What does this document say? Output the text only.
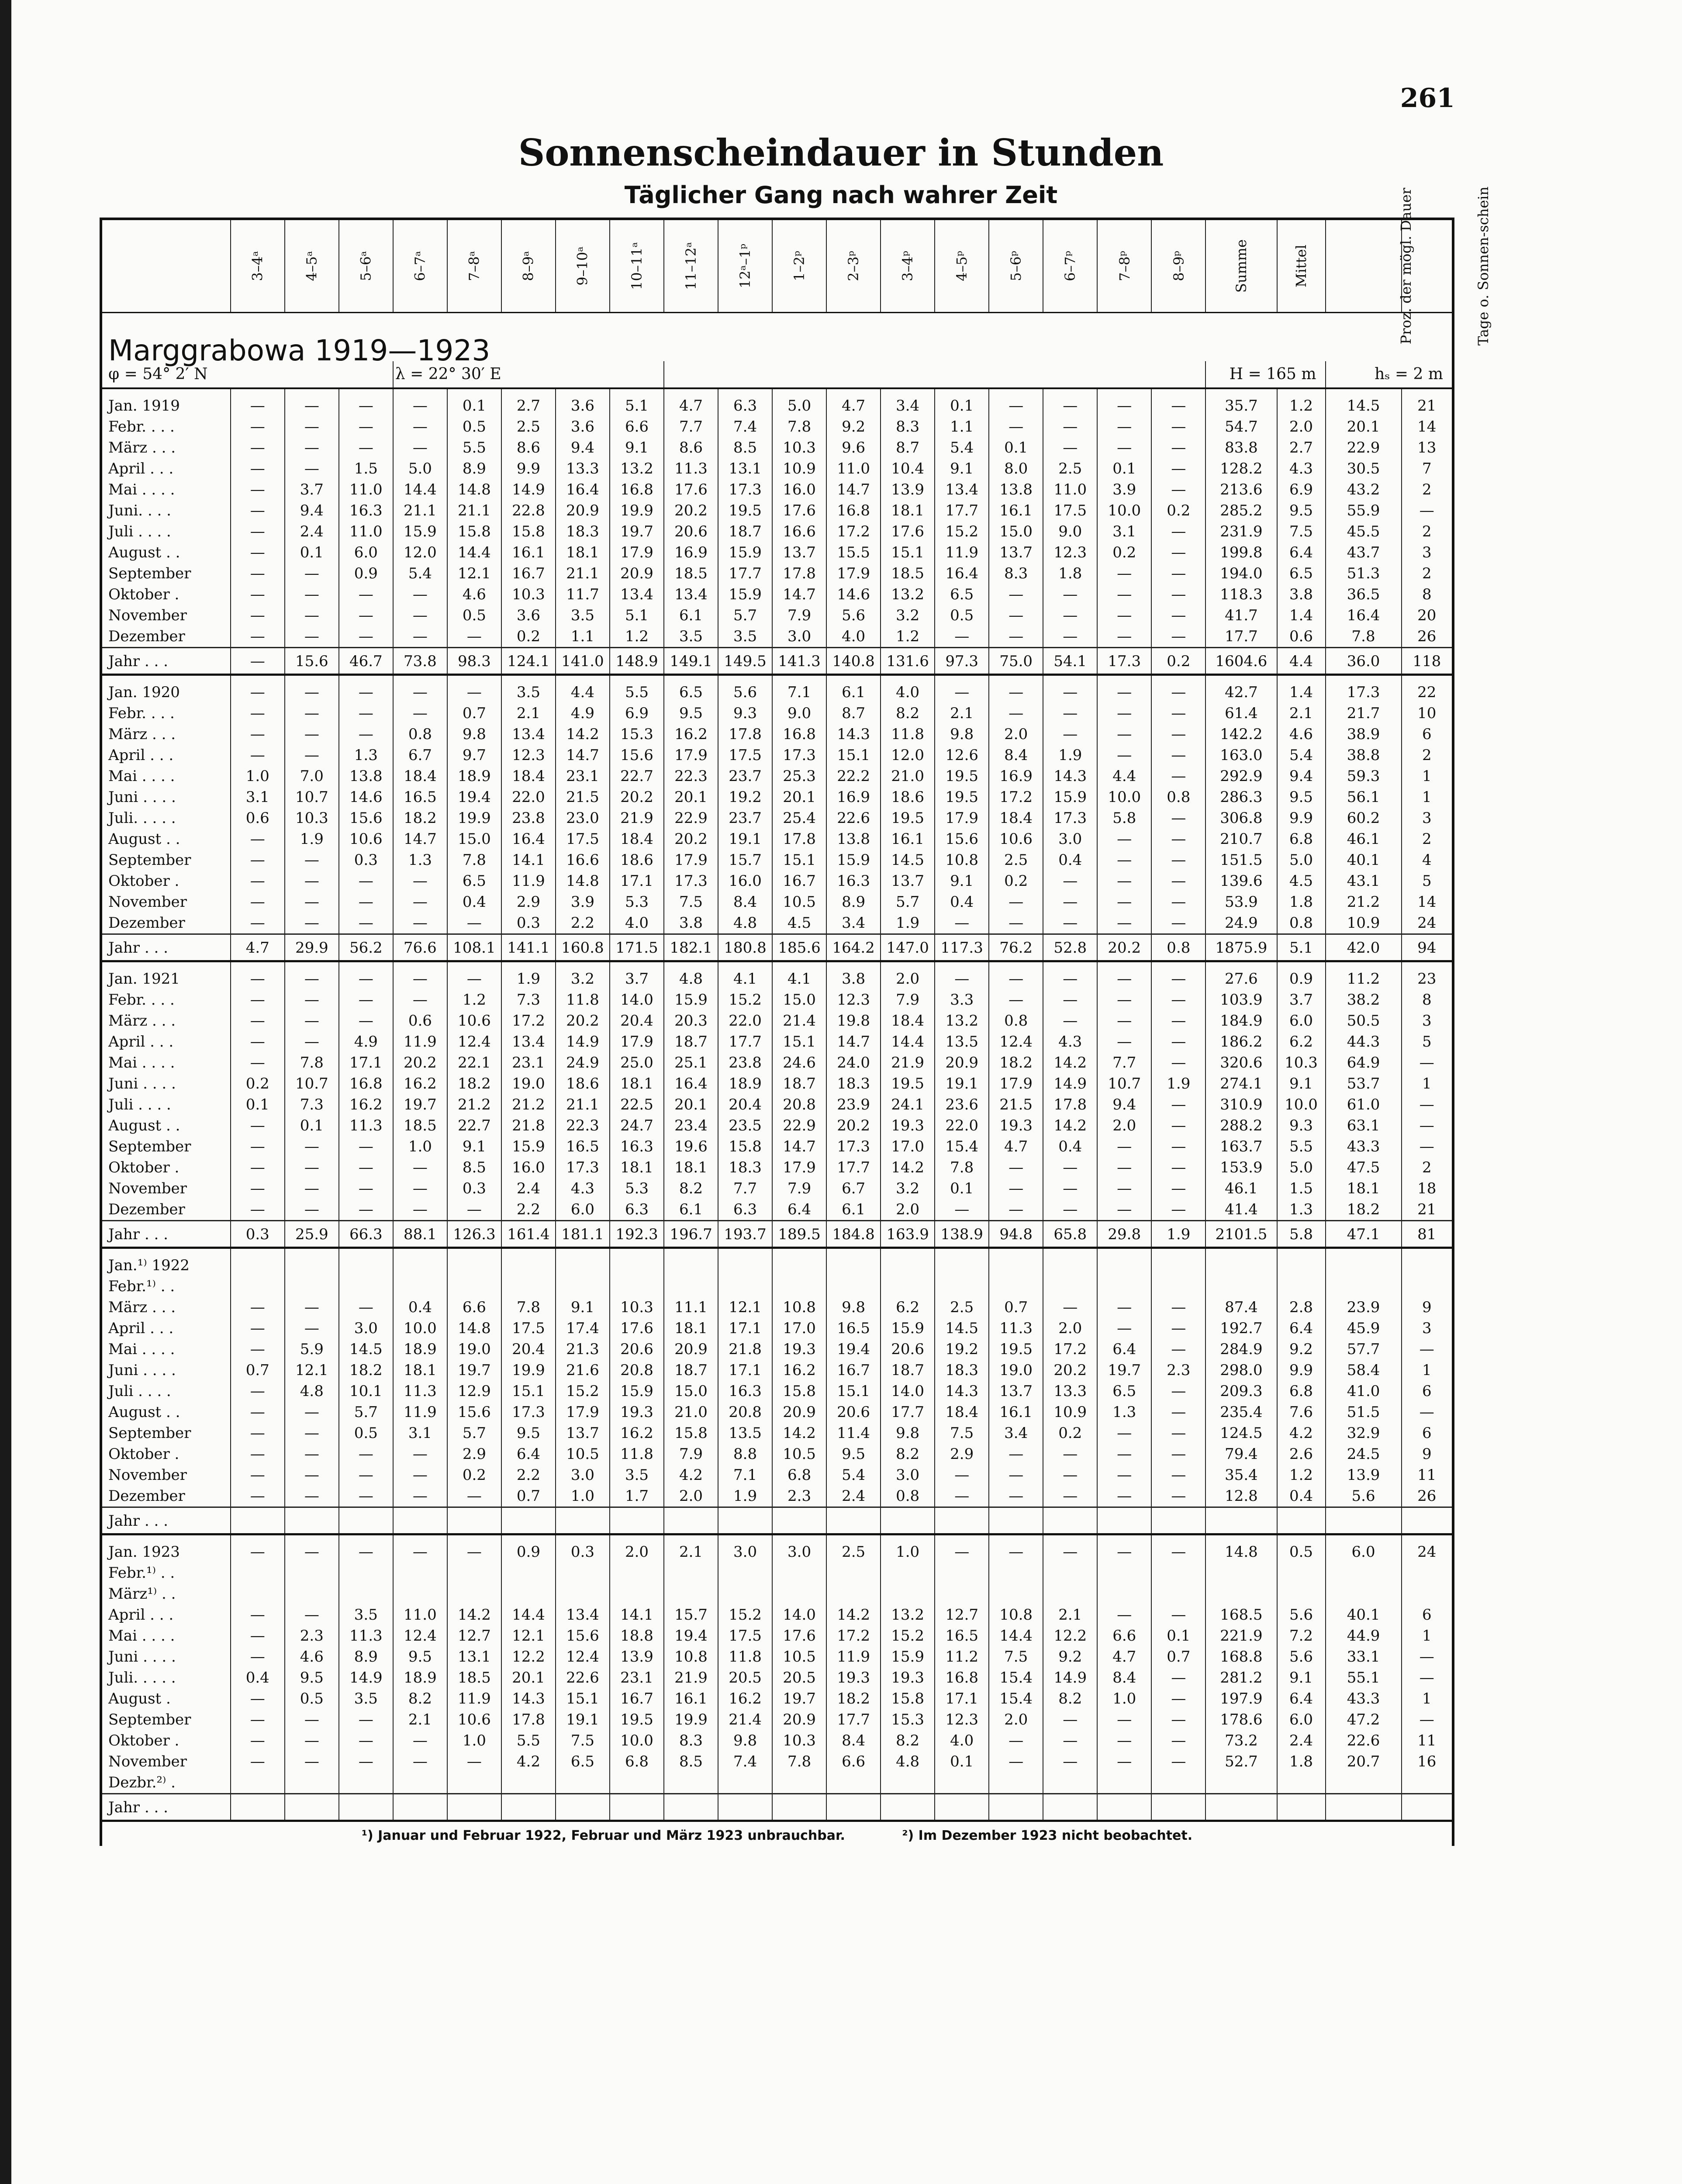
261
Sonnenscheindauer in Stunden
Täglicher Gang nach wahrer Zeit
	3–4ᵃ	4–5ᵃ	5–6ᵃ	6–7ᵃ	7–8ᵃ	8–9ᵃ	9–10ᵃ	10–11ᵃ	11–12ᵃ	12ᵃ–1ᵖ	1–2ᵖ	2–3ᵖ	3–4ᵖ	4–5ᵖ	5–6ᵖ	6–7ᵖ	7–8ᵖ	8–9ᵖ	Summe	Mittel	Proz. der mögl. Dauer	Tage o. Sonnen-schein
Marggrabowa 1919—1923																						
φ = 54° 2′ N				λ = 22° 30′ E															H = 165 m		hₛ = 2 m	
Jan. 1919	—	—	—	—	0.1	2.7	3.6	5.1	4.7	6.3	5.0	4.7	3.4	0.1	—	—	—	—	35.7	1.2	14.5	21
Febr. . . .	—	—	—	—	0.5	2.5	3.6	6.6	7.7	7.4	7.8	9.2	8.3	1.1	—	—	—	—	54.7	2.0	20.1	14
März . . .	—	—	—	—	5.5	8.6	9.4	9.1	8.6	8.5	10.3	9.6	8.7	5.4	0.1	—	—	—	83.8	2.7	22.9	13
April . . .	—	—	1.5	5.0	8.9	9.9	13.3	13.2	11.3	13.1	10.9	11.0	10.4	9.1	8.0	2.5	0.1	—	128.2	4.3	30.5	7
Mai . . . .	—	3.7	11.0	14.4	14.8	14.9	16.4	16.8	17.6	17.3	16.0	14.7	13.9	13.4	13.8	11.0	3.9	—	213.6	6.9	43.2	2
Juni. . . .	—	9.4	16.3	21.1	21.1	22.8	20.9	19.9	20.2	19.5	17.6	16.8	18.1	17.7	16.1	17.5	10.0	0.2	285.2	9.5	55.9	—
Juli . . . .	—	2.4	11.0	15.9	15.8	15.8	18.3	19.7	20.6	18.7	16.6	17.2	17.6	15.2	15.0	9.0	3.1	—	231.9	7.5	45.5	2
August . .	—	0.1	6.0	12.0	14.4	16.1	18.1	17.9	16.9	15.9	13.7	15.5	15.1	11.9	13.7	12.3	0.2	—	199.8	6.4	43.7	3
September	—	—	0.9	5.4	12.1	16.7	21.1	20.9	18.5	17.7	17.8	17.9	18.5	16.4	8.3	1.8	—	—	194.0	6.5	51.3	2
Oktober .	—	—	—	—	4.6	10.3	11.7	13.4	13.4	15.9	14.7	14.6	13.2	6.5	—	—	—	—	118.3	3.8	36.5	8
November	—	—	—	—	0.5	3.6	3.5	5.1	6.1	5.7	7.9	5.6	3.2	0.5	—	—	—	—	41.7	1.4	16.4	20
Dezember	—	—	—	—	—	0.2	1.1	1.2	3.5	3.5	3.0	4.0	1.2	—	—	—	—	—	17.7	0.6	7.8	26
Jahr . . .	—	15.6	46.7	73.8	98.3	124.1	141.0	148.9	149.1	149.5	141.3	140.8	131.6	97.3	75.0	54.1	17.3	0.2	1604.6	4.4	36.0	118
Jan. 1920	—	—	—	—	—	3.5	4.4	5.5	6.5	5.6	7.1	6.1	4.0	—	—	—	—	—	42.7	1.4	17.3	22
Febr. . . .	—	—	—	—	0.7	2.1	4.9	6.9	9.5	9.3	9.0	8.7	8.2	2.1	—	—	—	—	61.4	2.1	21.7	10
März . . .	—	—	—	0.8	9.8	13.4	14.2	15.3	16.2	17.8	16.8	14.3	11.8	9.8	2.0	—	—	—	142.2	4.6	38.9	6
April . . .	—	—	1.3	6.7	9.7	12.3	14.7	15.6	17.9	17.5	17.3	15.1	12.0	12.6	8.4	1.9	—	—	163.0	5.4	38.8	2
Mai . . . .	1.0	7.0	13.8	18.4	18.9	18.4	23.1	22.7	22.3	23.7	25.3	22.2	21.0	19.5	16.9	14.3	4.4	—	292.9	9.4	59.3	1
Juni . . . .	3.1	10.7	14.6	16.5	19.4	22.0	21.5	20.2	20.1	19.2	20.1	16.9	18.6	19.5	17.2	15.9	10.0	0.8	286.3	9.5	56.1	1
Juli. . . . .	0.6	10.3	15.6	18.2	19.9	23.8	23.0	21.9	22.9	23.7	25.4	22.6	19.5	17.9	18.4	17.3	5.8	—	306.8	9.9	60.2	3
August . .	—	1.9	10.6	14.7	15.0	16.4	17.5	18.4	20.2	19.1	17.8	13.8	16.1	15.6	10.6	3.0	—	—	210.7	6.8	46.1	2
September	—	—	0.3	1.3	7.8	14.1	16.6	18.6	17.9	15.7	15.1	15.9	14.5	10.8	2.5	0.4	—	—	151.5	5.0	40.1	4
Oktober .	—	—	—	—	6.5	11.9	14.8	17.1	17.3	16.0	16.7	16.3	13.7	9.1	0.2	—	—	—	139.6	4.5	43.1	5
November	—	—	—	—	0.4	2.9	3.9	5.3	7.5	8.4	10.5	8.9	5.7	0.4	—	—	—	—	53.9	1.8	21.2	14
Dezember	—	—	—	—	—	0.3	2.2	4.0	3.8	4.8	4.5	3.4	1.9	—	—	—	—	—	24.9	0.8	10.9	24
Jahr . . .	4.7	29.9	56.2	76.6	108.1	141.1	160.8	171.5	182.1	180.8	185.6	164.2	147.0	117.3	76.2	52.8	20.2	0.8	1875.9	5.1	42.0	94
Jan. 1921	—	—	—	—	—	1.9	3.2	3.7	4.8	4.1	4.1	3.8	2.0	—	—	—	—	—	27.6	0.9	11.2	23
Febr. . . .	—	—	—	—	1.2	7.3	11.8	14.0	15.9	15.2	15.0	12.3	7.9	3.3	—	—	—	—	103.9	3.7	38.2	8
März . . .	—	—	—	0.6	10.6	17.2	20.2	20.4	20.3	22.0	21.4	19.8	18.4	13.2	0.8	—	—	—	184.9	6.0	50.5	3
April . . .	—	—	4.9	11.9	12.4	13.4	14.9	17.9	18.7	17.7	15.1	14.7	14.4	13.5	12.4	4.3	—	—	186.2	6.2	44.3	5
Mai . . . .	—	7.8	17.1	20.2	22.1	23.1	24.9	25.0	25.1	23.8	24.6	24.0	21.9	20.9	18.2	14.2	7.7	—	320.6	10.3	64.9	—
Juni . . . .	0.2	10.7	16.8	16.2	18.2	19.0	18.6	18.1	16.4	18.9	18.7	18.3	19.5	19.1	17.9	14.9	10.7	1.9	274.1	9.1	53.7	1
Juli . . . .	0.1	7.3	16.2	19.7	21.2	21.2	21.1	22.5	20.1	20.4	20.8	23.9	24.1	23.6	21.5	17.8	9.4	—	310.9	10.0	61.0	—
August . .	—	0.1	11.3	18.5	22.7	21.8	22.3	24.7	23.4	23.5	22.9	20.2	19.3	22.0	19.3	14.2	2.0	—	288.2	9.3	63.1	—
September	—	—	—	1.0	9.1	15.9	16.5	16.3	19.6	15.8	14.7	17.3	17.0	15.4	4.7	0.4	—	—	163.7	5.5	43.3	—
Oktober .	—	—	—	—	8.5	16.0	17.3	18.1	18.1	18.3	17.9	17.7	14.2	7.8	—	—	—	—	153.9	5.0	47.5	2
November	—	—	—	—	0.3	2.4	4.3	5.3	8.2	7.7	7.9	6.7	3.2	0.1	—	—	—	—	46.1	1.5	18.1	18
Dezember	—	—	—	—	—	2.2	6.0	6.3	6.1	6.3	6.4	6.1	2.0	—	—	—	—	—	41.4	1.3	18.2	21
Jahr . . .	0.3	25.9	66.3	88.1	126.3	161.4	181.1	192.3	196.7	193.7	189.5	184.8	163.9	138.9	94.8	65.8	29.8	1.9	2101.5	5.8	47.1	81
Jan.¹⁾ 1922																						
Febr.¹⁾ . .																						
März . . .	—	—	—	0.4	6.6	7.8	9.1	10.3	11.1	12.1	10.8	9.8	6.2	2.5	0.7	—	—	—	87.4	2.8	23.9	9
April . . .	—	—	3.0	10.0	14.8	17.5	17.4	17.6	18.1	17.1	17.0	16.5	15.9	14.5	11.3	2.0	—	—	192.7	6.4	45.9	3
Mai . . . .	—	5.9	14.5	18.9	19.0	20.4	21.3	20.6	20.9	21.8	19.3	19.4	20.6	19.2	19.5	17.2	6.4	—	284.9	9.2	57.7	—
Juni . . . .	0.7	12.1	18.2	18.1	19.7	19.9	21.6	20.8	18.7	17.1	16.2	16.7	18.7	18.3	19.0	20.2	19.7	2.3	298.0	9.9	58.4	1
Juli . . . .	—	4.8	10.1	11.3	12.9	15.1	15.2	15.9	15.0	16.3	15.8	15.1	14.0	14.3	13.7	13.3	6.5	—	209.3	6.8	41.0	6
August . .	—	—	5.7	11.9	15.6	17.3	17.9	19.3	21.0	20.8	20.9	20.6	17.7	18.4	16.1	10.9	1.3	—	235.4	7.6	51.5	—
September	—	—	0.5	3.1	5.7	9.5	13.7	16.2	15.8	13.5	14.2	11.4	9.8	7.5	3.4	0.2	—	—	124.5	4.2	32.9	6
Oktober .	—	—	—	—	2.9	6.4	10.5	11.8	7.9	8.8	10.5	9.5	8.2	2.9	—	—	—	—	79.4	2.6	24.5	9
November	—	—	—	—	0.2	2.2	3.0	3.5	4.2	7.1	6.8	5.4	3.0	—	—	—	—	—	35.4	1.2	13.9	11
Dezember	—	—	—	—	—	0.7	1.0	1.7	2.0	1.9	2.3	2.4	0.8	—	—	—	—	—	12.8	0.4	5.6	26
Jahr . . .																						
Jan. 1923	—	—	—	—	—	0.9	0.3	2.0	2.1	3.0	3.0	2.5	1.0	—	—	—	—	—	14.8	0.5	6.0	24
Febr.¹⁾ . .																						
März¹⁾ . .																						
April . . .	—	—	3.5	11.0	14.2	14.4	13.4	14.1	15.7	15.2	14.0	14.2	13.2	12.7	10.8	2.1	—	—	168.5	5.6	40.1	6
Mai . . . .	—	2.3	11.3	12.4	12.7	12.1	15.6	18.8	19.4	17.5	17.6	17.2	15.2	16.5	14.4	12.2	6.6	0.1	221.9	7.2	44.9	1
Juni . . . .	—	4.6	8.9	9.5	13.1	12.2	12.4	13.9	10.8	11.8	10.5	11.9	15.9	11.2	7.5	9.2	4.7	0.7	168.8	5.6	33.1	—
Juli. . . . .	0.4	9.5	14.9	18.9	18.5	20.1	22.6	23.1	21.9	20.5	20.5	19.3	19.3	16.8	15.4	14.9	8.4	—	281.2	9.1	55.1	—
August .	—	0.5	3.5	8.2	11.9	14.3	15.1	16.7	16.1	16.2	19.7	18.2	15.8	17.1	15.4	8.2	1.0	—	197.9	6.4	43.3	1
September	—	—	—	2.1	10.6	17.8	19.1	19.5	19.9	21.4	20.9	17.7	15.3	12.3	2.0	—	—	—	178.6	6.0	47.2	—
Oktober .	—	—	—	—	1.0	5.5	7.5	10.0	8.3	9.8	10.3	8.4	8.2	4.0	—	—	—	—	73.2	2.4	22.6	11
November	—	—	—	—	—	4.2	6.5	6.8	8.5	7.4	7.8	6.6	4.8	0.1	—	—	—	—	52.7	1.8	20.7	16
Dezbr.²⁾ .																						
Jahr . . .																						
¹) Januar und Februar 1922, Februar und März 1923 unbrauchbar.	²) Im Dezember 1923 nicht beobachtet.
